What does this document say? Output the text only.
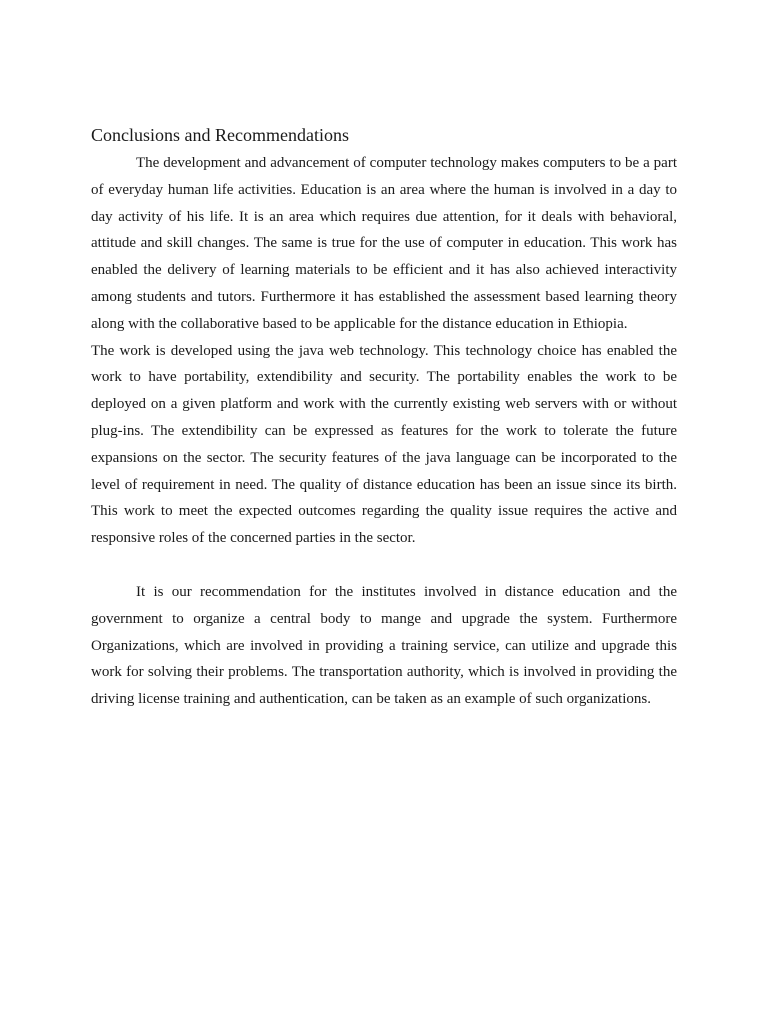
Conclusions and Recommendations

The development and advancement of computer technology makes computers to be a part of everyday human life activities. Education is an area where the human is involved in a day to day activity of his life. It is an area which requires due attention, for it deals with behavioral, attitude and skill changes. The same is true for the use of computer in education. This work has enabled the delivery of learning materials to be efficient and it has also achieved interactivity among students and tutors. Furthermore it has established the assessment based learning theory along with the collaborative based to be applicable for the distance education in Ethiopia.

The work is developed using the java web technology. This technology choice has enabled the work to have portability, extendibility and security. The portability enables the work to be deployed on a given platform and work with the currently existing web servers with or without plug-ins. The extendibility can be expressed as features for the work to tolerate the future expansions on the sector. The security features of the java language can be incorporated to the level of requirement in need. The quality of distance education has been an issue since its birth. This work to meet the expected outcomes regarding the quality issue requires the active and responsive roles of the concerned parties in the sector.

It is our recommendation for the institutes involved in distance education and the government to organize a central body to mange and upgrade the system. Furthermore Organizations, which are involved in providing a training service, can utilize and upgrade this work for solving their problems. The transportation authority, which is involved in providing the driving license training and authentication, can be taken as an example of such organizations.
